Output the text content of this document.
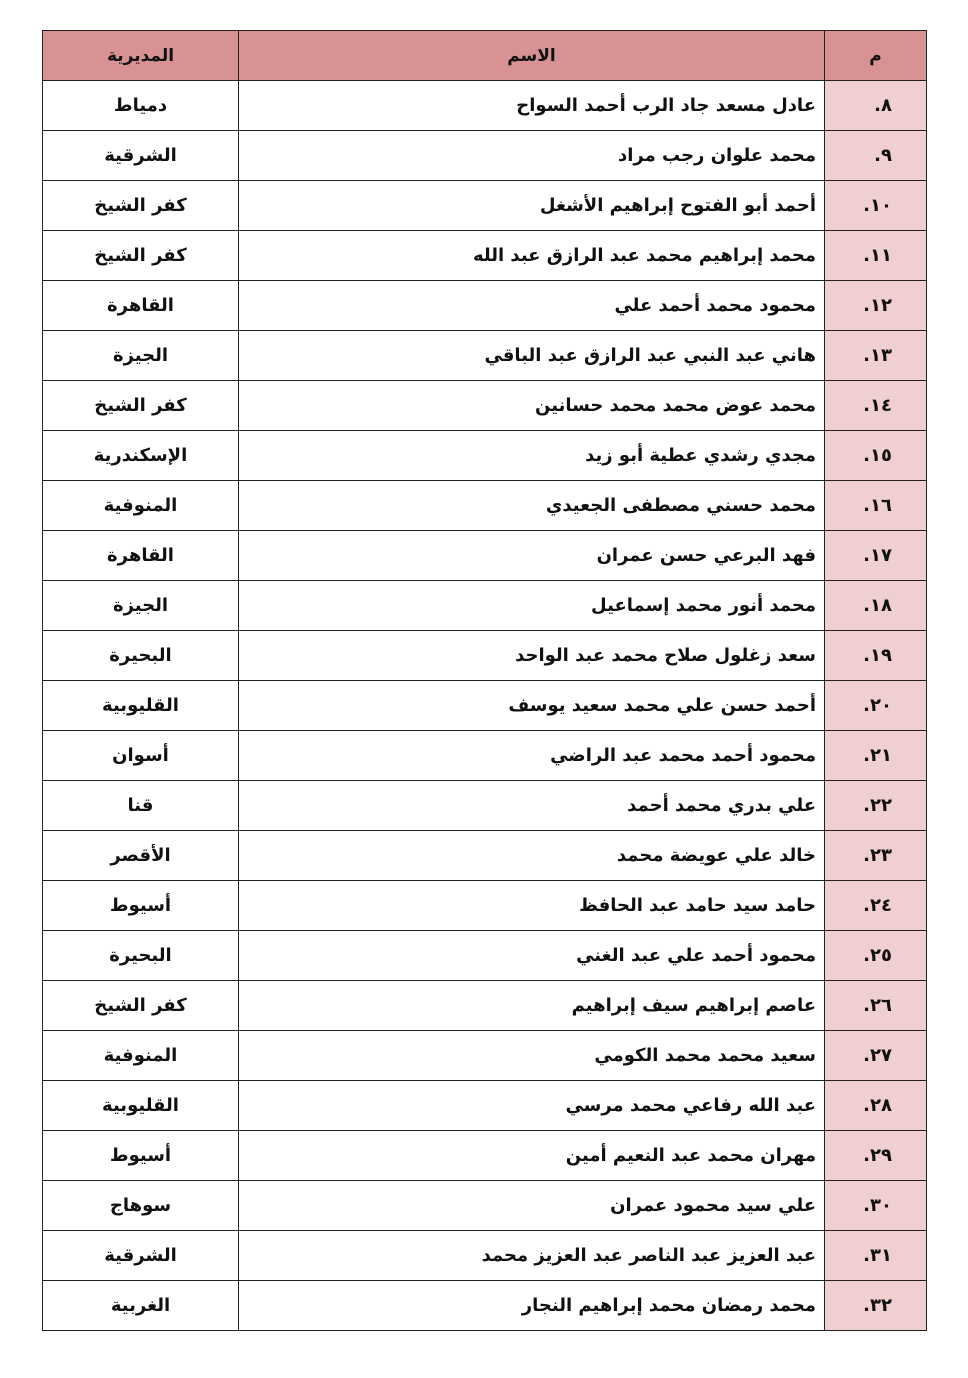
م	الاسم	المديرية
٨.	عادل مسعد جاد الرب أحمد السواح	دمياط
٩.	محمد علوان رجب مراد	الشرقية
١٠.	أحمد أبو الفتوح إبراهيم الأشغل	كفر الشيخ
١١.	محمد إبراهيم محمد عبد الرازق عبد الله	كفر الشيخ
١٢.	محمود محمد أحمد علي	القاهرة
١٣.	هاني عبد النبي عبد الرازق عبد الباقي	الجيزة
١٤.	محمد عوض محمد محمد حسانين	كفر الشيخ
١٥.	مجدي رشدي عطية أبو زيد	الإسكندرية
١٦.	محمد حسني مصطفى الجعيدي	المنوفية
١٧.	فهد البرعي حسن عمران	القاهرة
١٨.	محمد أنور محمد إسماعيل	الجيزة
١٩.	سعد زغلول صلاح محمد عبد الواحد	البحيرة
٢٠.	أحمد حسن علي محمد سعيد يوسف	القليوبية
٢١.	محمود أحمد محمد عبد الراضي	أسوان
٢٢.	علي بدري محمد أحمد	قنا
٢٣.	خالد علي عويضة محمد	الأقصر
٢٤.	حامد سيد حامد عبد الحافظ	أسيوط
٢٥.	محمود أحمد علي عبد الغني	البحيرة
٢٦.	عاصم إبراهيم سيف إبراهيم	كفر الشيخ
٢٧.	سعيد محمد محمد الكومي	المنوفية
٢٨.	عبد الله رفاعي محمد مرسي	القليوبية
٢٩.	مهران محمد عبد النعيم أمين	أسيوط
٣٠.	علي سيد محمود عمران	سوهاج
٣١.	عبد العزيز عبد الناصر عبد العزيز محمد	الشرقية
٣٢.	محمد رمضان محمد إبراهيم النجار	الغربية
